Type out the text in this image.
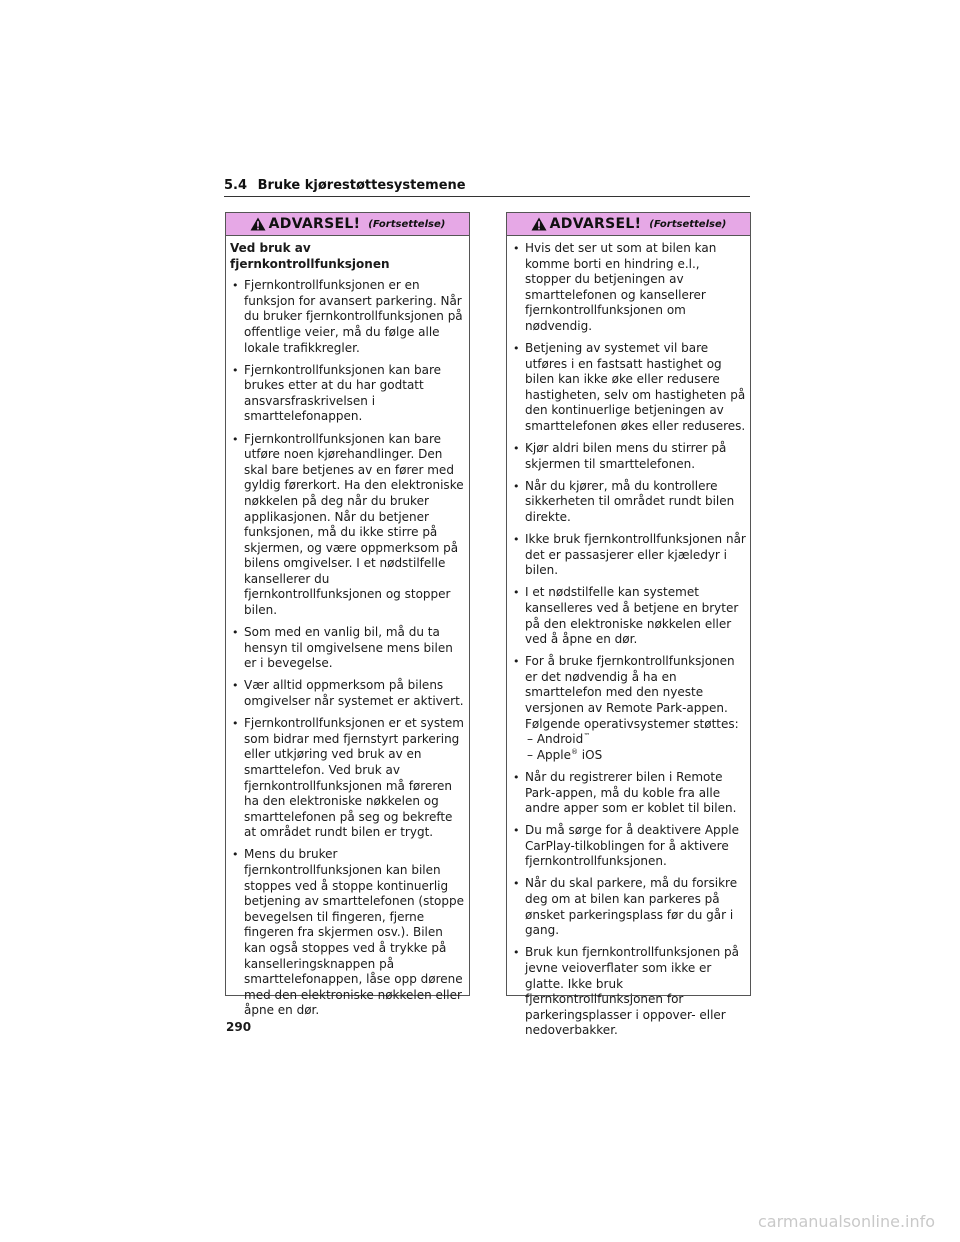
5.4 Bruke kjørestøttesystemene
ADVARSEL! (Fortsettelse)
Ved bruk av fjernkontrollfunksjonen
• Fjernkontrollfunksjonen er en funksjon for avansert parkering. Når du bruker fjernkontrollfunksjonen på offentlige veier, må du følge alle lokale trafikkregler.
• Fjernkontrollfunksjonen kan bare brukes etter at du har godtatt ansvarsfraskrivelsen i smarttelefonappen.
• Fjernkontrollfunksjonen kan bare utføre noen kjørehandlinger. Den skal bare betjenes av en fører med gyldig førerkort. Ha den elektroniske nøkkelen på deg når du bruker applikasjonen. Når du betjener funksjonen, må du ikke stirre på skjermen, og være oppmerksom på bilens omgivelser. I et nødstilfelle kansellerer du fjernkontrollfunksjonen og stopper bilen.
• Som med en vanlig bil, må du ta hensyn til omgivelsene mens bilen er i bevegelse.
• Vær alltid oppmerksom på bilens omgivelser når systemet er aktivert.
• Fjernkontrollfunksjonen er et system som bidrar med fjernstyrt parkering eller utkjøring ved bruk av en smarttelefon. Ved bruk av fjernkontrollfunksjonen må føreren ha den elektroniske nøkkelen og smarttelefonen på seg og bekrefte at området rundt bilen er trygt.
• Mens du bruker fjernkontrollfunksjonen kan bilen stoppes ved å stoppe kontinuerlig betjening av smarttelefonen (stoppe bevegelsen til fingeren, fjerne fingeren fra skjermen osv.). Bilen kan også stoppes ved å trykke på kanselleringsknappen på smarttelefonappen, låse opp dørene med den elektroniske nøkkelen eller åpne en dør.
ADVARSEL! (Fortsettelse)
• Hvis det ser ut som at bilen kan komme borti en hindring e.l., stopper du betjeningen av smarttelefonen og kansellerer fjernkontrollfunksjonen om nødvendig.
• Betjening av systemet vil bare utføres i en fastsatt hastighet og bilen kan ikke øke eller redusere hastigheten, selv om hastigheten på den kontinuerlige betjeningen av smarttelefonen økes eller reduseres.
• Kjør aldri bilen mens du stirrer på skjermen til smarttelefonen.
• Når du kjører, må du kontrollere sikkerheten til området rundt bilen direkte.
• Ikke bruk fjernkontrollfunksjonen når det er passasjerer eller kjæledyr i bilen.
• I et nødstilfelle kan systemet kanselleres ved å betjene en bryter på den elektroniske nøkkelen eller ved å åpne en dør.
• For å bruke fjernkontrollfunksjonen er det nødvendig å ha en smarttelefon med den nyeste versjonen av Remote Park-appen. Følgende operativsystemer støttes:
– Android™
– Apple® iOS
• Når du registrerer bilen i Remote Park-appen, må du koble fra alle andre apper som er koblet til bilen.
• Du må sørge for å deaktivere Apple CarPlay-tilkoblingen for å aktivere fjernkontrollfunksjonen.
• Når du skal parkere, må du forsikre deg om at bilen kan parkeres på ønsket parkeringsplass før du går i gang.
• Bruk kun fjernkontrollfunksjonen på jevne veioverflater som ikke er glatte. Ikke bruk fjernkontrollfunksjonen for parkeringsplasser i oppover- eller nedoverbakker.
290
carmanualsonline.info
